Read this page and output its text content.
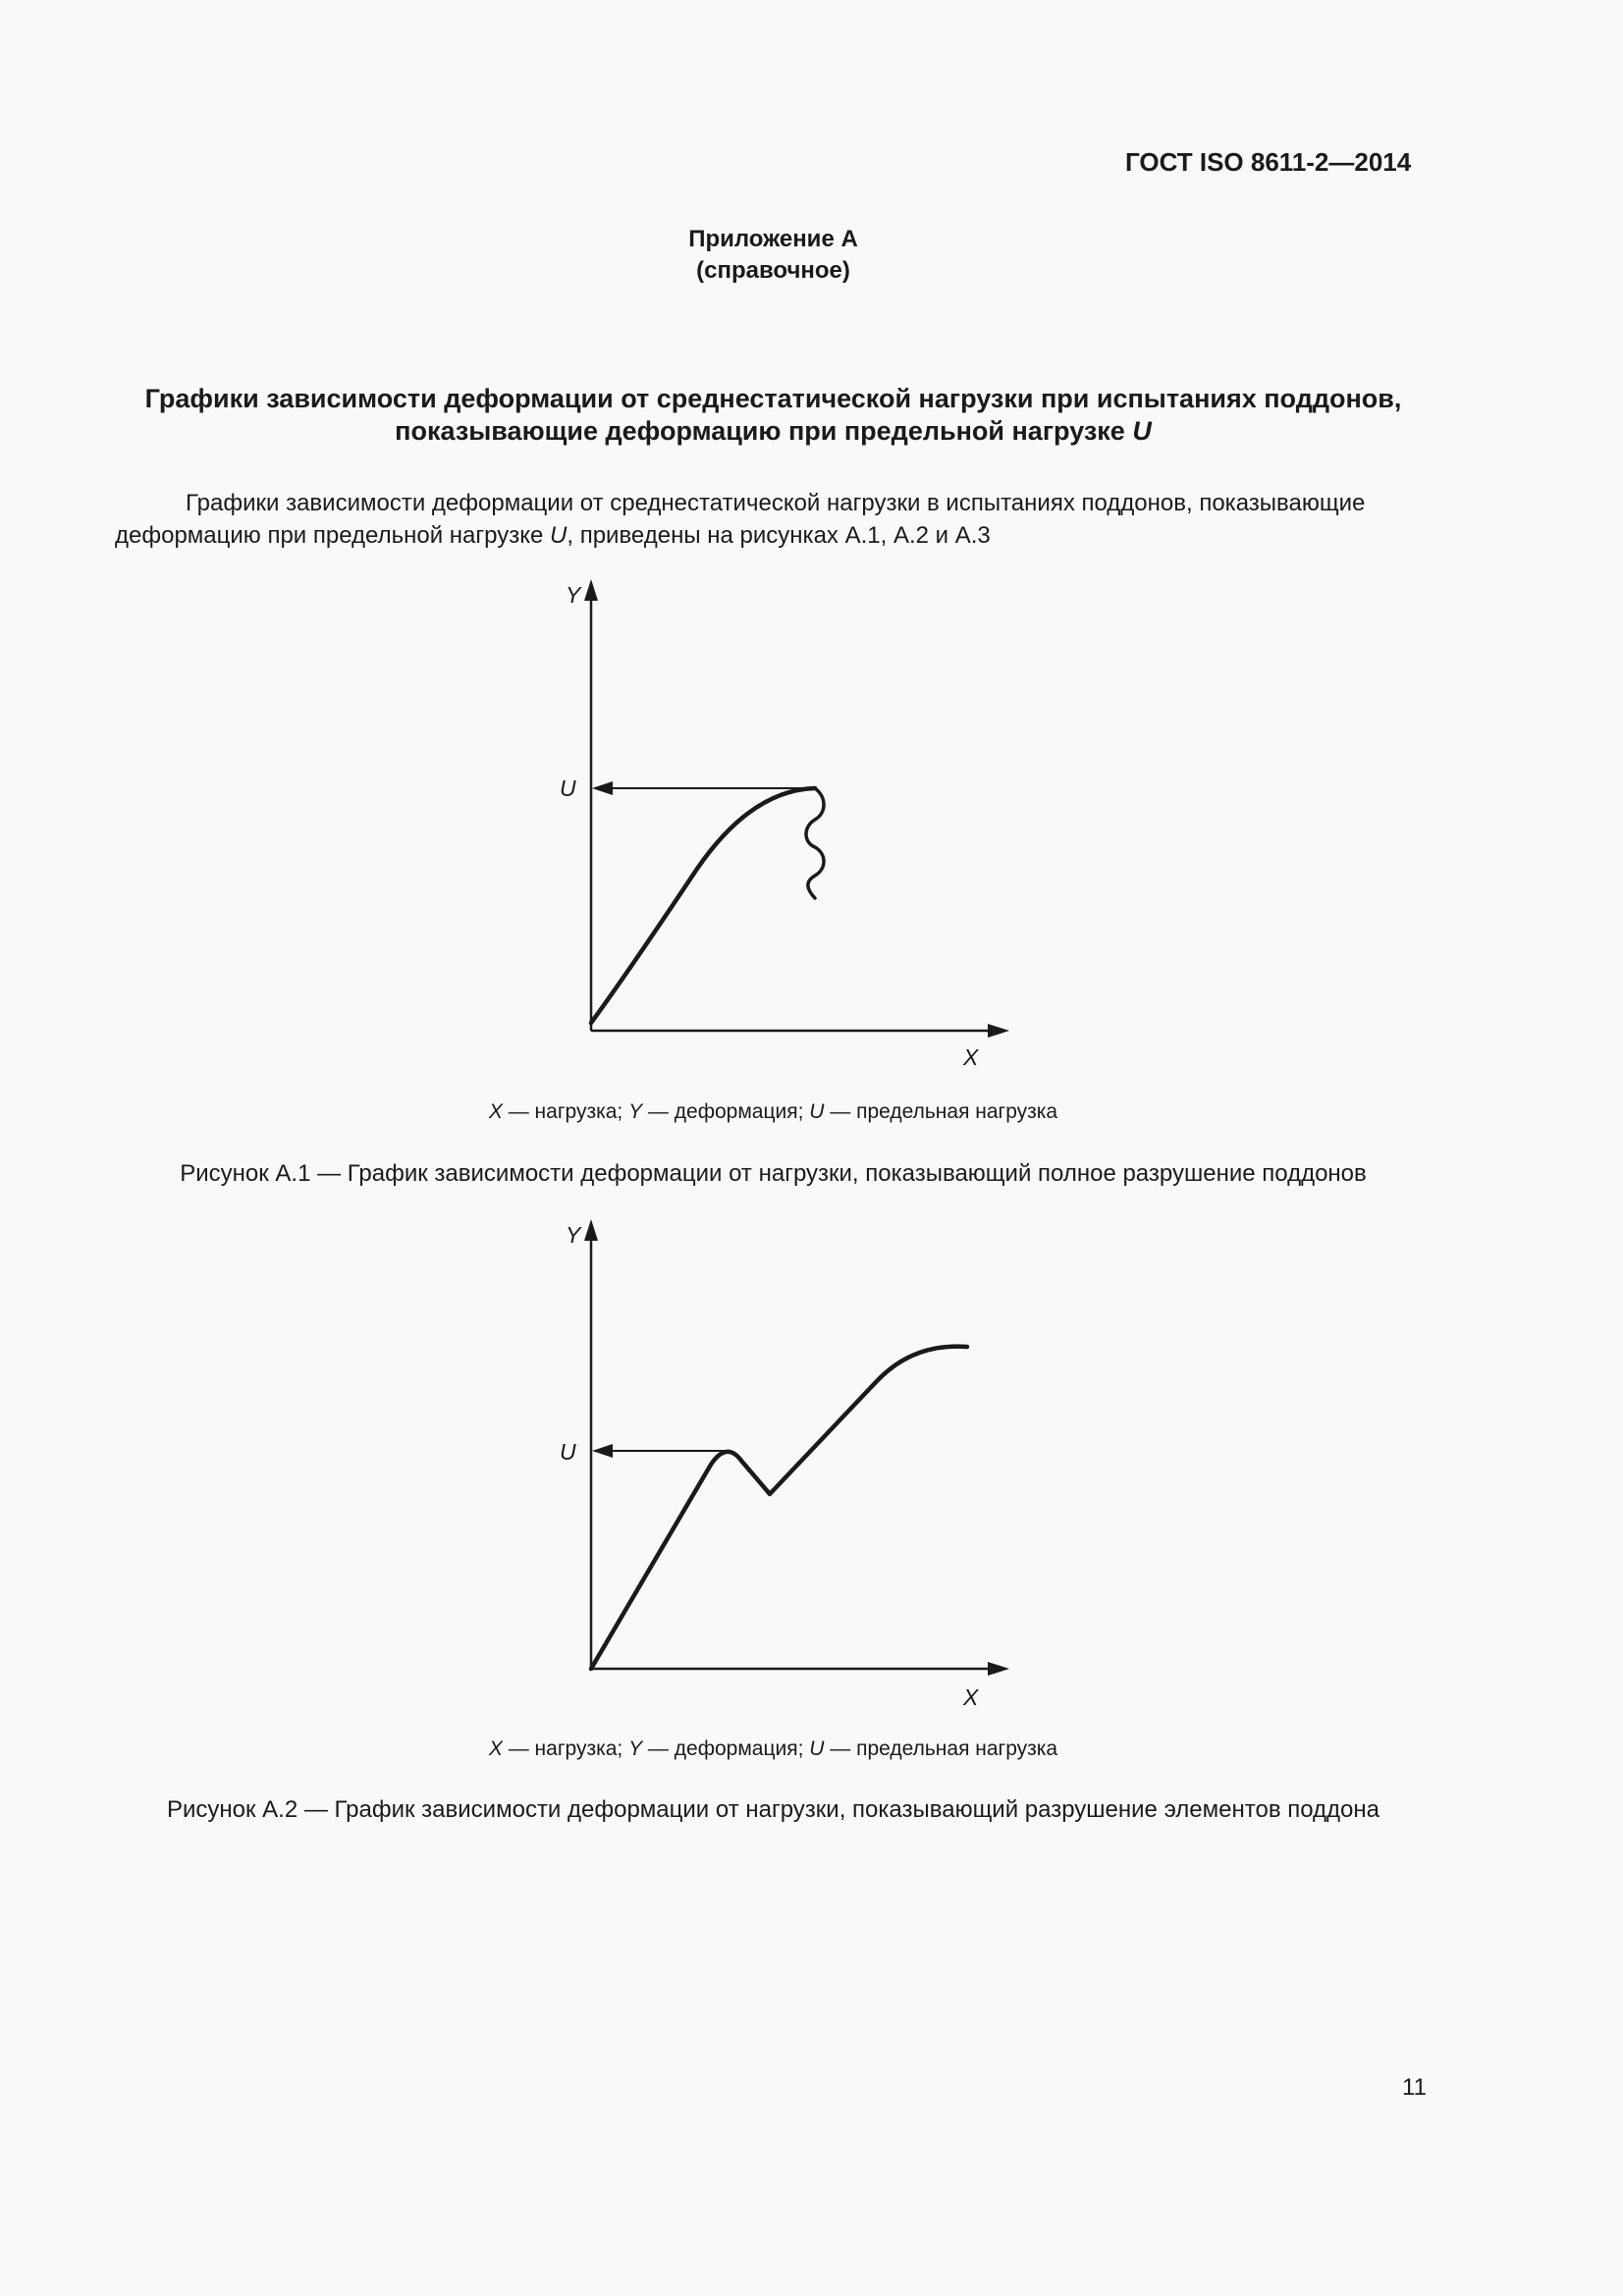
ГОСТ ISO 8611-2—2014
Приложение А
(справочное)
Графики зависимости деформации от среднестатической нагрузки при испытаниях поддонов,
показывающие деформацию при предельной нагрузке U

Графики зависимости деформации от среднестатической нагрузки в испытаниях поддонов, показывающие

деформацию при предельной нагрузке U, приведены на рисунках А.1, А.2 и А.3

Y
X
U
X — нагрузка; Y — деформация; U — предельная нагрузка
Рисунок А.1 — График зависимости деформации от нагрузки, показывающий полное разрушение поддонов
Y
X
U
X — нагрузка; Y — деформация; U — предельная нагрузка
Рисунок А.2 — График зависимости деформации от нагрузки, показывающий разрушение элементов поддона
11
